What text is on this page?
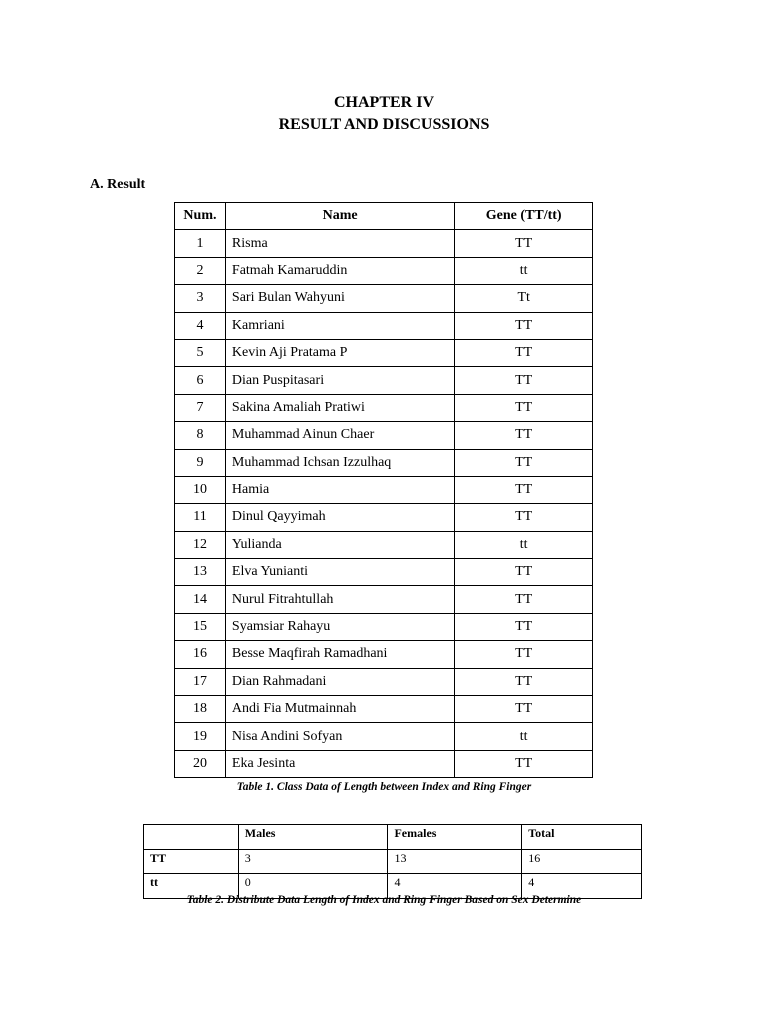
CHAPTER IV
RESULT AND DISCUSSIONS
A. Result
Num.	Name	Gene (TT/tt)
1	Risma	TT
2	Fatmah Kamaruddin	tt
3	Sari Bulan Wahyuni	Tt
4	Kamriani	TT
5	Kevin Aji Pratama P	TT
6	Dian Puspitasari	TT
7	Sakina Amaliah Pratiwi	TT
8	Muhammad Ainun Chaer	TT
9	Muhammad Ichsan Izzulhaq	TT
10	Hamia	TT
11	Dinul Qayyimah	TT
12	Yulianda	tt
13	Elva Yunianti	TT
14	Nurul Fitrahtullah	TT
15	Syamsiar Rahayu	TT
16	Besse Maqfirah Ramadhani	TT
17	Dian Rahmadani	TT
18	Andi Fia Mutmainnah	TT
19	Nisa Andini Sofyan	tt
20	Eka Jesinta	TT
Table 1. Class Data of Length between Index and Ring Finger
	Males	Females	Total
TT	3	13	16
tt	0	4	4
Table 2. Distribute Data Length of Index and Ring Finger Based on Sex Determine
